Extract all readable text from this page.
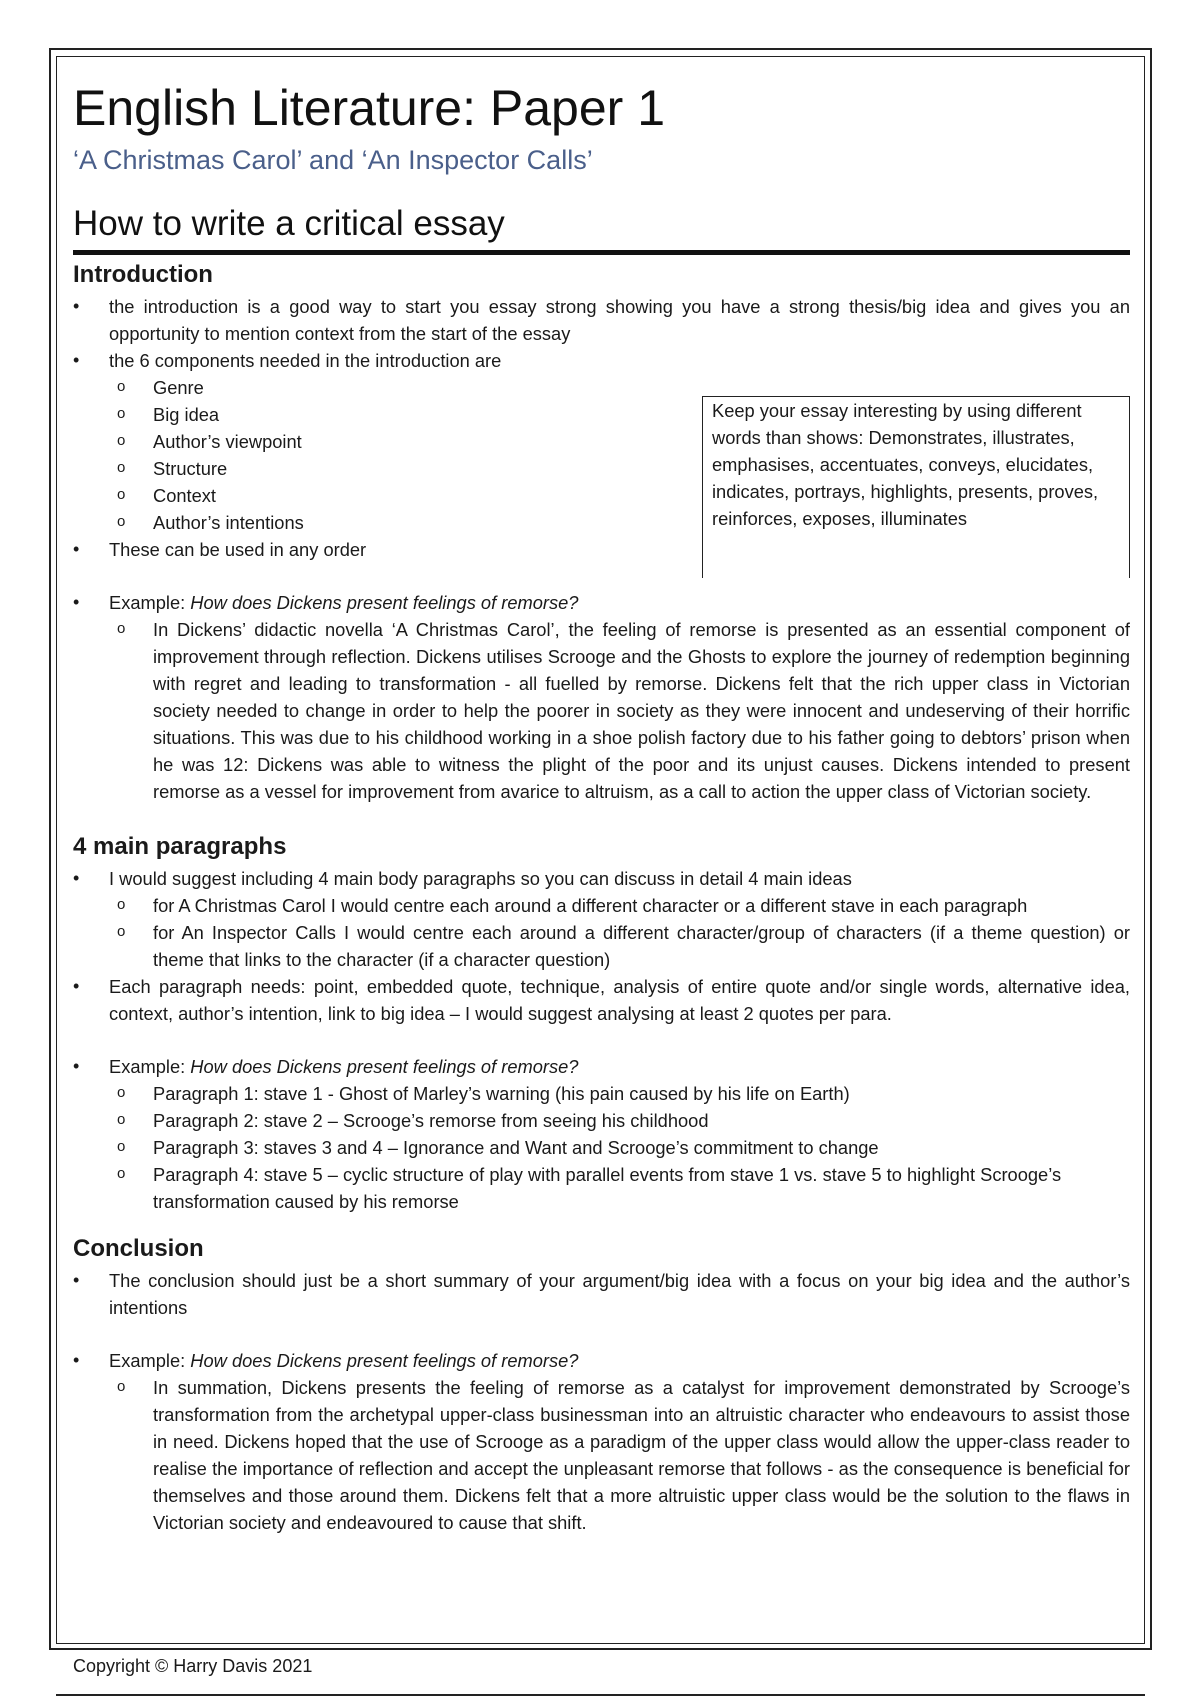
English Literature: Paper 1
‘A Christmas Carol’ and ‘An Inspector Calls’
How to write a critical essay
Introduction
• the introduction is a good way to start you essay strong showing you have a strong thesis/big idea and gives you an opportunity to mention context from the start of the essay
• the 6 components needed in the introduction are
o Genre
o Big idea
o Author’s viewpoint
o Structure
o Context
o Author’s intentions
• These can be used in any order
• Example: How does Dickens present feelings of remorse?
o In Dickens’ didactic novella ‘A Christmas Carol’, the feeling of remorse is presented as an essential component of improvement through reflection. Dickens utilises Scrooge and the Ghosts to explore the journey of redemption beginning with regret and leading to transformation - all fuelled by remorse. Dickens felt that the rich upper class in Victorian society needed to change in order to help the poorer in society as they were innocent and undeserving of their horrific situations. This was due to his childhood working in a shoe polish factory due to his father going to debtors’ prison when he was 12: Dickens was able to witness the plight of the poor and its unjust causes. Dickens intended to present remorse as a vessel for improvement from avarice to altruism, as a call to action the upper class of Victorian society.
4 main paragraphs
• I would suggest including 4 main body paragraphs so you can discuss in detail 4 main ideas
o for A Christmas Carol I would centre each around a different character or a different stave in each paragraph
o for An Inspector Calls I would centre each around a different character/group of characters (if a theme question) or theme that links to the character (if a character question)
• Each paragraph needs: point, embedded quote, technique, analysis of entire quote and/or single words, alternative idea, context, author’s intention, link to big idea – I would suggest analysing at least 2 quotes per para.
• Example: How does Dickens present feelings of remorse?
o Paragraph 1: stave 1 - Ghost of Marley’s warning (his pain caused by his life on Earth)
o Paragraph 2: stave 2 – Scrooge’s remorse from seeing his childhood
o Paragraph 3: staves 3 and 4 – Ignorance and Want and Scrooge’s commitment to change
o Paragraph 4: stave 5 – cyclic structure of play with parallel events from stave 1 vs. stave 5 to highlight Scrooge’s transformation caused by his remorse
Conclusion
• The conclusion should just be a short summary of your argument/big idea with a focus on your big idea and the author’s intentions
• Example: How does Dickens present feelings of remorse?
o In summation, Dickens presents the feeling of remorse as a catalyst for improvement demonstrated by Scrooge’s transformation from the archetypal upper-class businessman into an altruistic character who endeavours to assist those in need. Dickens hoped that the use of Scrooge as a paradigm of the upper class would allow the upper-class reader to realise the importance of reflection and accept the unpleasant remorse that follows - as the consequence is beneficial for themselves and those around them. Dickens felt that a more altruistic upper class would be the solution to the flaws in Victorian society and endeavoured to cause that shift.
Keep your essay interesting by using different words than shows: Demonstrates, illustrates, emphasises, accentuates, conveys, elucidates, indicates, portrays, highlights, presents, proves, reinforces, exposes, illuminates
Copyright © Harry Davis 2021
